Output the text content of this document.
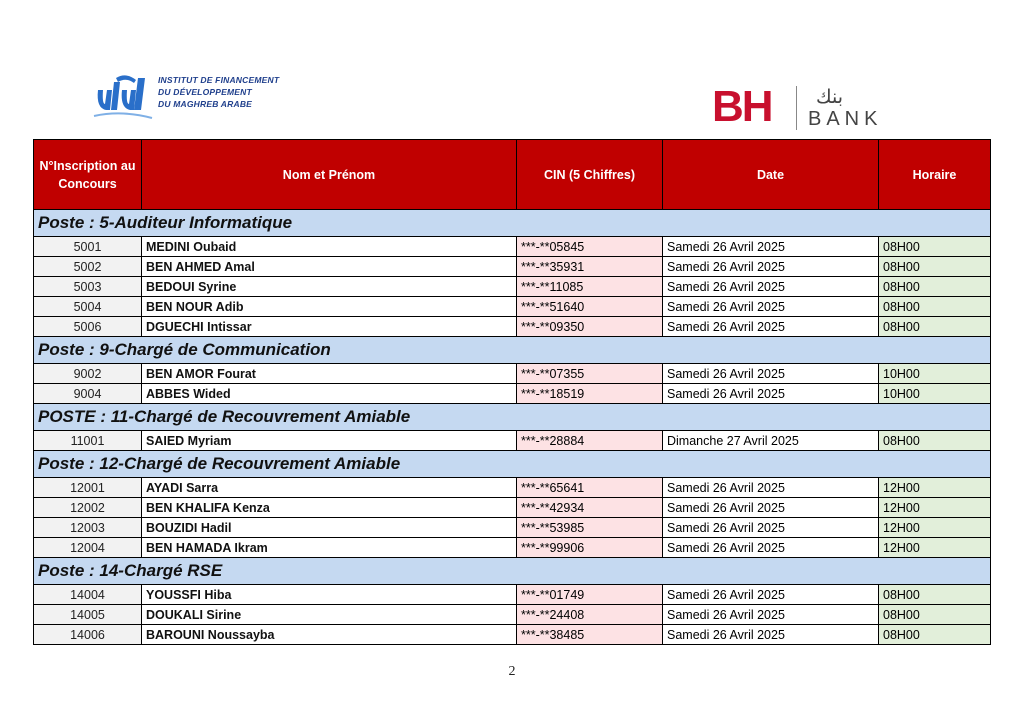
INSTITUT DE FINANCEMENT
DU DÉVELOPPEMENT
DU MAGHREB ARABE	BH بنك
BANK
N°Inscription au Concours	Nom et Prénom	CIN (5 Chiffres)	Date	Horaire
Poste : 5-Auditeur Informatique				
5001	MEDINI Oubaid	***-**05845	Samedi 26 Avril 2025	08H00
5002	BEN AHMED Amal	***-**35931	Samedi 26 Avril 2025	08H00
5003	BEDOUI Syrine	***-**11085	Samedi 26 Avril 2025	08H00
5004	BEN NOUR Adib	***-**51640	Samedi 26 Avril 2025	08H00
5006	DGUECHI Intissar	***-**09350	Samedi 26 Avril 2025	08H00
Poste : 9-Chargé de Communication				
9002	BEN AMOR Fourat	***-**07355	Samedi 26 Avril 2025	10H00
9004	ABBES Wided	***-**18519	Samedi 26 Avril 2025	10H00
POSTE : 11-Chargé de Recouvrement Amiable				
11001	SAIED Myriam	***-**28884	Dimanche 27 Avril 2025	08H00
Poste : 12-Chargé de Recouvrement Amiable				
12001	AYADI Sarra	***-**65641	Samedi 26 Avril 2025	12H00
12002	BEN KHALIFA Kenza	***-**42934	Samedi 26 Avril 2025	12H00
12003	BOUZIDI Hadil	***-**53985	Samedi 26 Avril 2025	12H00
12004	BEN HAMADA Ikram	***-**99906	Samedi 26 Avril 2025	12H00
Poste : 14-Chargé RSE				
14004	YOUSSFI Hiba	***-**01749	Samedi 26 Avril 2025	08H00
14005	DOUKALI Sirine	***-**24408	Samedi 26 Avril 2025	08H00
14006	BAROUNI Noussayba	***-**38485	Samedi 26 Avril 2025	08H00
2
